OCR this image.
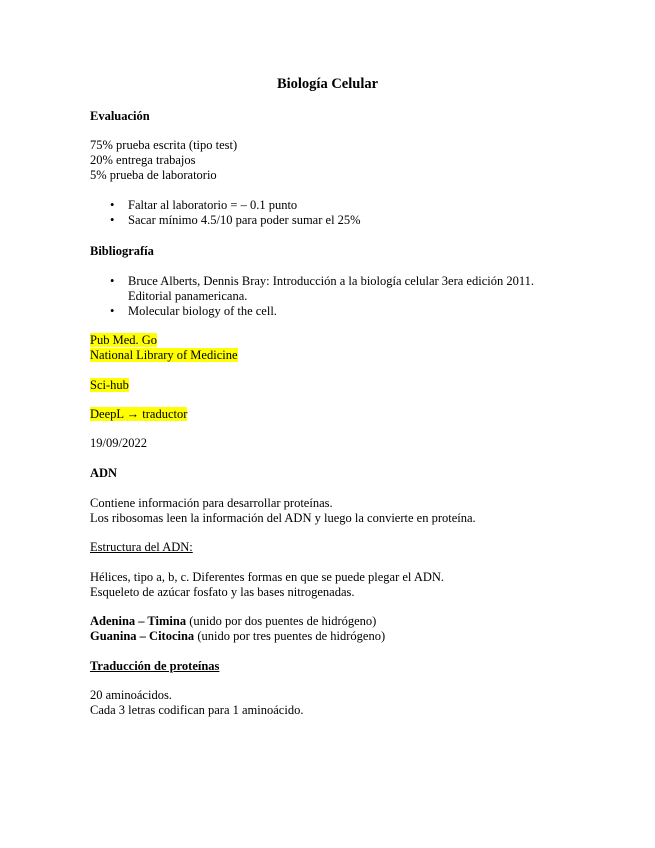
Biología Celular
Evaluación
75% prueba escrita (tipo test)
20% entrega trabajos
5% prueba de laboratorio
• Faltar al laboratorio = – 0.1 punto
• Sacar mínimo 4.5/10 para poder sumar el 25%
Bibliografía
• Bruce Alberts, Dennis Bray: Introducción a la biología celular 3era edición 2011.
Editorial panamericana.
• Molecular biology of the cell.
Pub Med. Go
National Library of Medicine
Sci-hub
DeepL → traductor
19/09/2022
ADN
Contiene información para desarrollar proteínas.
Los ribosomas leen la información del ADN y luego la convierte en proteína.
Estructura del ADN:
Hélices, tipo a, b, c. Diferentes formas en que se puede plegar el ADN.
Esqueleto de azúcar fosfato y las bases nitrogenadas.
Adenina – Timina (unido por dos puentes de hidrógeno)
Guanina – Citocina (unido por tres puentes de hidrógeno)
Traducción de proteínas
20 aminoácidos.
Cada 3 letras codifican para 1 aminoácido.
